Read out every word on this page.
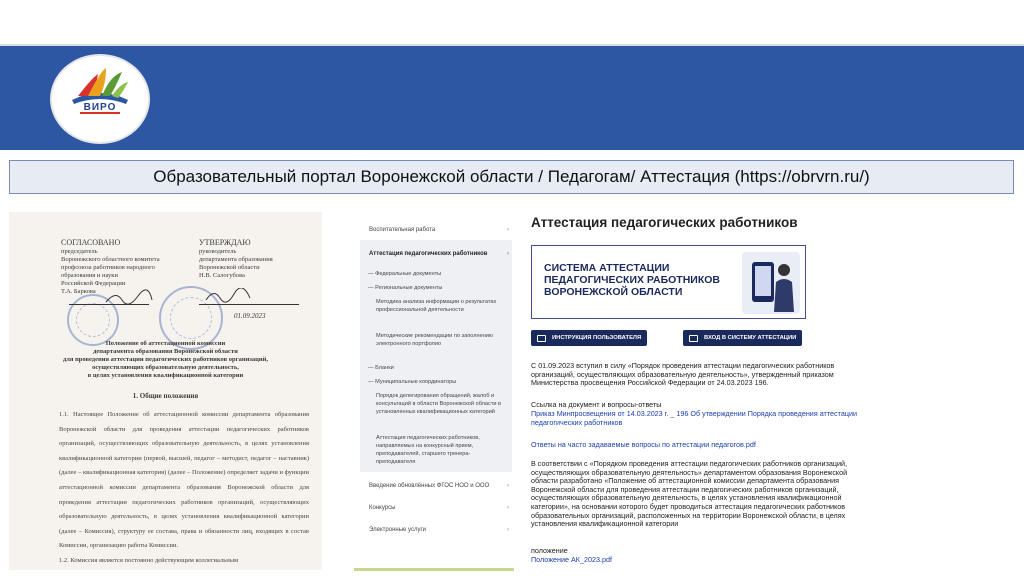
ВИРО
Образовательный портал Воронежской области / Педагогам/ Аттестация (https://obrvrn.ru/)
СОГЛАСОВАНО
председатель
Воронежского областного комитета
профсоюза работников народного
образования и науки
Российской Федерации
Т.А. Баркова
УТВЕРЖДАЮ
руководитель
департамента образования
Воронежской области
Н.В. Салогубова
01.09.2023
Положение об аттестационной комиссии
департамента образования Воронежской области
для проведения аттестации педагогических работников организаций,
осуществляющих образовательную деятельность,
в целях установления квалификационной категории
1. Общие положения
1.1. Настоящее Положение об аттестационной комиссии департамента образования Воронежской области для проведения аттестации педагогических работников организаций, осуществляющих образовательную деятельность, в целях установления квалификационной категории (первой, высшей, педагог – методист, педагог – наставник) (далее – квалификационная категория) (далее – Положение) определяет задачи и функции аттестационной комиссии департамента образования Воронежской области для проведения аттестации педагогических работников организаций, осуществляющих образовательную деятельность, в целях установления квалификационной категории (далее – Комиссия), структуру ее состава, права и обязанности лиц, входящих в состав Комиссии, организацию работы Комиссии.
1.2. Комиссия является постоянно действующим коллегиальным
Воспитательная работа	›
Аттестация педагогических работников	›
— Федеральные документы
— Региональные документы
Методика анализа информации о результатах профессиональной деятельности
Методические рекомендации по заполнению электронного портфолио
— Бланки
— Муниципальные координаторы
Порядок делегирования обращений, жалоб и консультаций в области Воронежской области в установленных квалификационных категорий
Аттестация педагогических работников, направляемых на конкурсный прием, преподавателей, старшего тренера-преподавателя
Введение обновлённых ФГОС НОО и ООО	›
Конкурсы	›
Электронные услуги	›
Аттестация педагогических работников
СИСТЕМА АТТЕСТАЦИИ
ПЕДАГОГИЧЕСКИХ РАБОТНИКОВ
ВОРОНЕЖСКОЙ ОБЛАСТИ
ИНСТРУКЦИЯ ПОЛЬЗОВАТЕЛЯ	ВХОД В СИСТЕМУ АТТЕСТАЦИИ
С 01.09.2023 вступил в силу «Порядок проведения аттестации педагогических работников организаций, осуществляющих образовательную деятельность», утвержденный приказом Министерства просвещения Российской Федерации от 24.03.2023 196.
Ссылка на документ и вопросы-ответы
Приказ Минпросвещения от 14.03.2023 г. _ 196 Об утверждении Порядка проведения аттестации педагогических работников
Ответы на часто задаваемые вопросы по аттестации педагогов.pdf
В соответствии с «Порядком проведения аттестации педагогических работников организаций, осуществляющих образовательную деятельность» департаментом образования Воронежской области разработано «Положение об аттестационной комиссии департамента образования Воронежской области для проведения аттестации педагогических работников организаций, осуществляющих образовательную деятельность, в целях установления квалификационной категории», на основании которого будет проводиться аттестация педагогических работников образовательных организаций, расположенных на территории Воронежской области, в целях установления квалификационной категории
положение
Положение АК_2023.pdf
